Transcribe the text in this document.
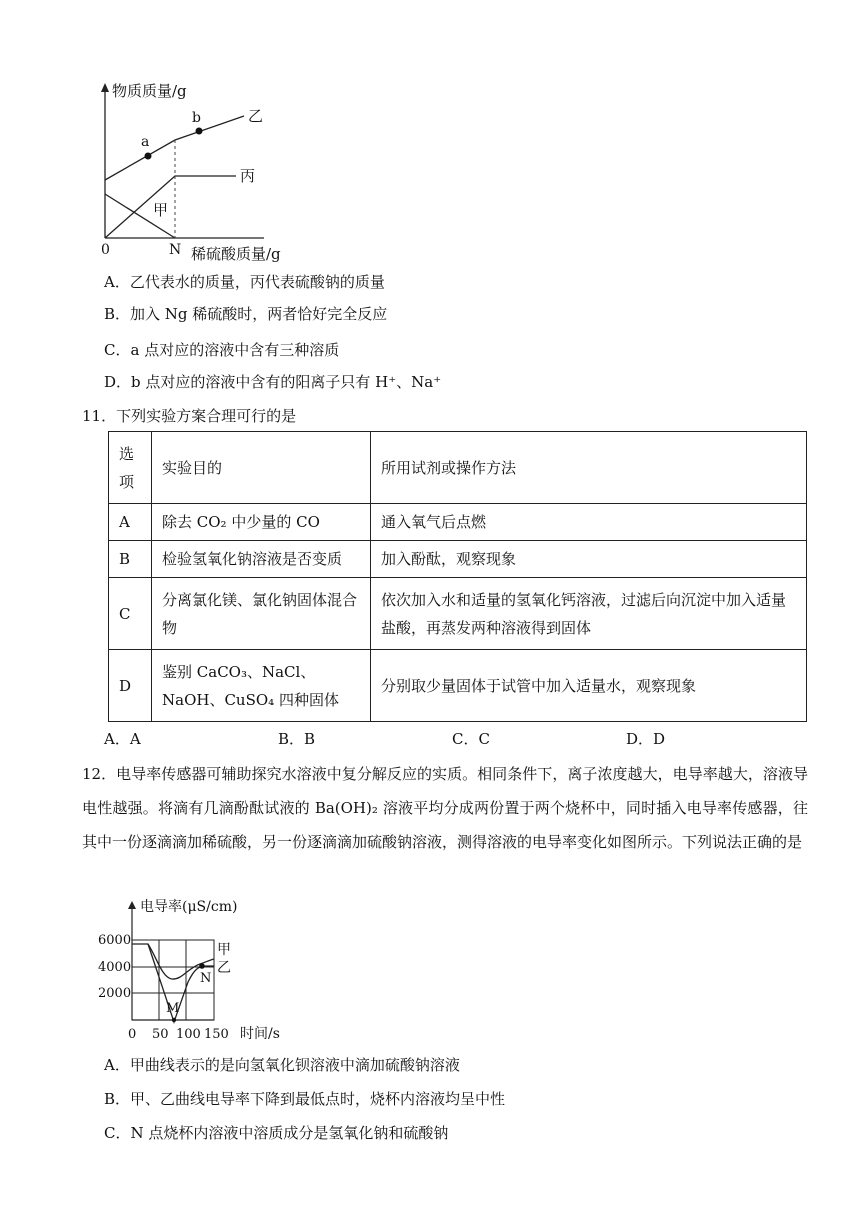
物质质量/g
a
b	乙
丙
甲
0	N 稀硫酸质量/g
A．乙代表水的质量，丙代表硫酸钠的质量
B．加入 Ng 稀硫酸时，两者恰好完全反应
C．a 点对应的溶液中含有三种溶质
D．b 点对应的溶液中含有的阳离子只有 H⁺、Na⁺
11．下列实验方案合理可行的是
选项	实验目的	所用试剂或操作方法
A	除去 CO₂ 中少量的 CO	通入氧气后点燃
B	检验氢氧化钠溶液是否变质	加入酚酞，观察现象
C	分离氯化镁、氯化钠固体混合物	依次加入水和适量的氢氧化钙溶液，过滤后向沉淀中加入适量盐酸，再蒸发两种溶液得到固体
D	鉴别 CaCO₃、NaCl、NaOH、CuSO₄ 四种固体	分别取少量固体于试管中加入适量水，观察现象
A．A	B．B	C．C	D．D
12．电导率传感器可辅助探究水溶液中复分解反应的实质。相同条件下，离子浓度越大，电导率越大，溶液导电性越强。将滴有几滴酚酞试液的 Ba(OH)₂ 溶液平均分成两份置于两个烧杯中，同时插入电导率传感器，往其中一份逐滴滴加稀硫酸，另一份逐滴滴加硫酸钠溶液，测得溶液的电导率变化如图所示。下列说法正确的是
电导率(μS/cm)
6000
4000
2000
0 50 100 150 时间/s
甲
乙
N
M
A．甲曲线表示的是向氢氧化钡溶液中滴加硫酸钠溶液
B．甲、乙曲线电导率下降到最低点时，烧杯内溶液均呈中性
C．N 点烧杯内溶液中溶质成分是氢氧化钠和硫酸钠
